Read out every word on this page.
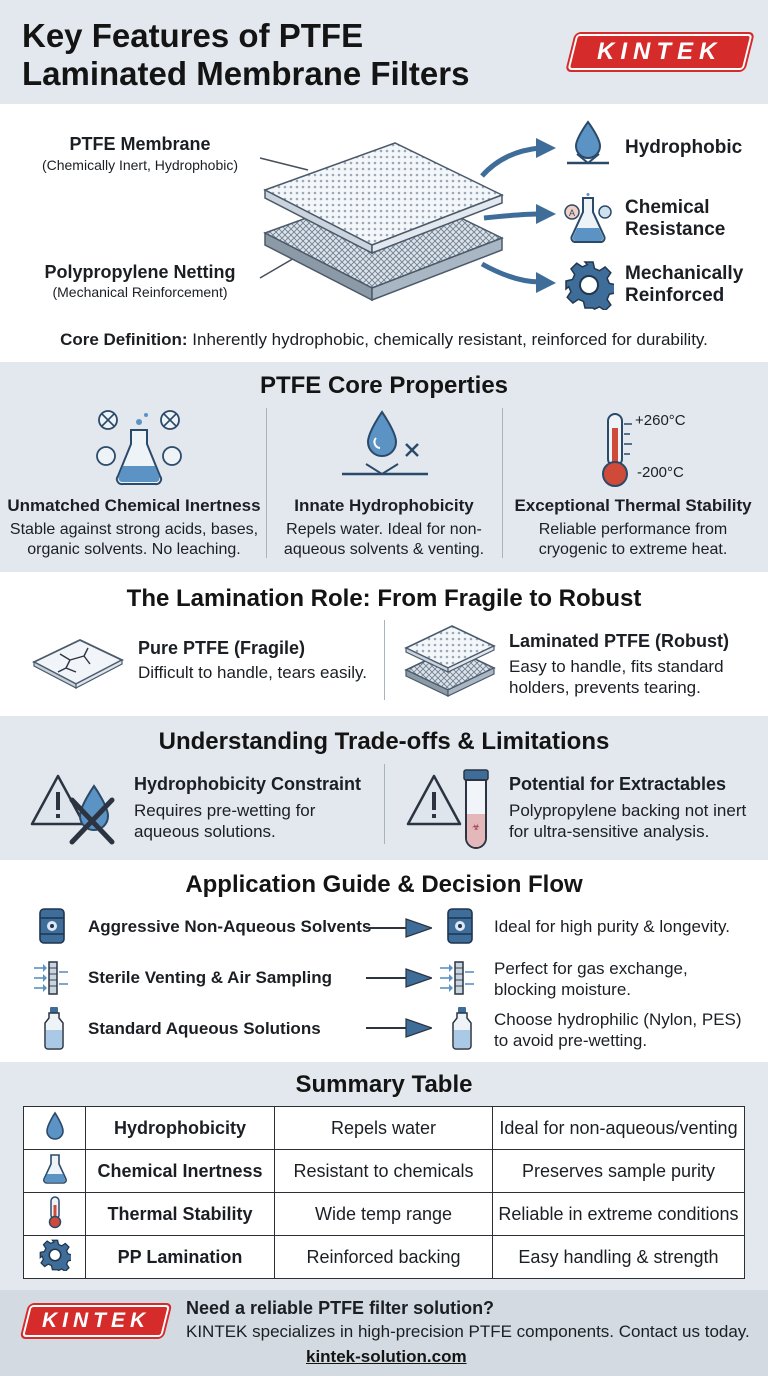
Key Features of PTFE
Laminated Membrane Filters
KINTEK
PTFE Membrane
(Chemically Inert, Hydrophobic)
Polypropylene Netting
(Mechanical Reinforcement)
Hydrophobic
A	Chemical
Resistance
Mechanically
Reinforced
Core Definition: Inherently hydrophobic, chemically resistant, reinforced for durability.
PTFE Core Properties
Unmatched Chemical Inertness
Stable against strong acids, bases,
organic solvents. No leaching.
Innate Hydrophobicity
Repels water. Ideal for non-
aqueous solvents & venting.
+260°C
-200°C
Exceptional Thermal Stability
Reliable performance from
cryogenic to extreme heat.
The Lamination Role: From Fragile to Robust
Pure PTFE (Fragile)
Difficult to handle, tears easily.
Laminated PTFE (Robust)
Easy to handle, fits standard
holders, prevents tearing.
Understanding Trade-offs & Limitations
Hydrophobicity Constraint
Requires pre-wetting for
aqueous solutions.	☣
Potential for Extractables
Polypropylene backing not inert
for ultra-sensitive analysis.
Application Guide & Decision Flow
Aggressive Non-Aqueous Solvents	Ideal for high purity & longevity.
Sterile Venting & Air Sampling	Perfect for gas exchange,
blocking moisture.
Standard Aqueous Solutions	Choose hydrophilic (Nylon, PES)
to avoid pre-wetting.
Summary Table
	Hydrophobicity	Repels water	Ideal for non-aqueous/venting
	Chemical Inertness	Resistant to chemicals	Preserves sample purity
	Thermal Stability	Wide temp range	Reliable in extreme conditions
	PP Lamination	Reinforced backing	Easy handling & strength
KINTEK
Need a reliable PTFE filter solution?
KINTEK specializes in high-precision PTFE components. Contact us today.
kintek-solution.com
